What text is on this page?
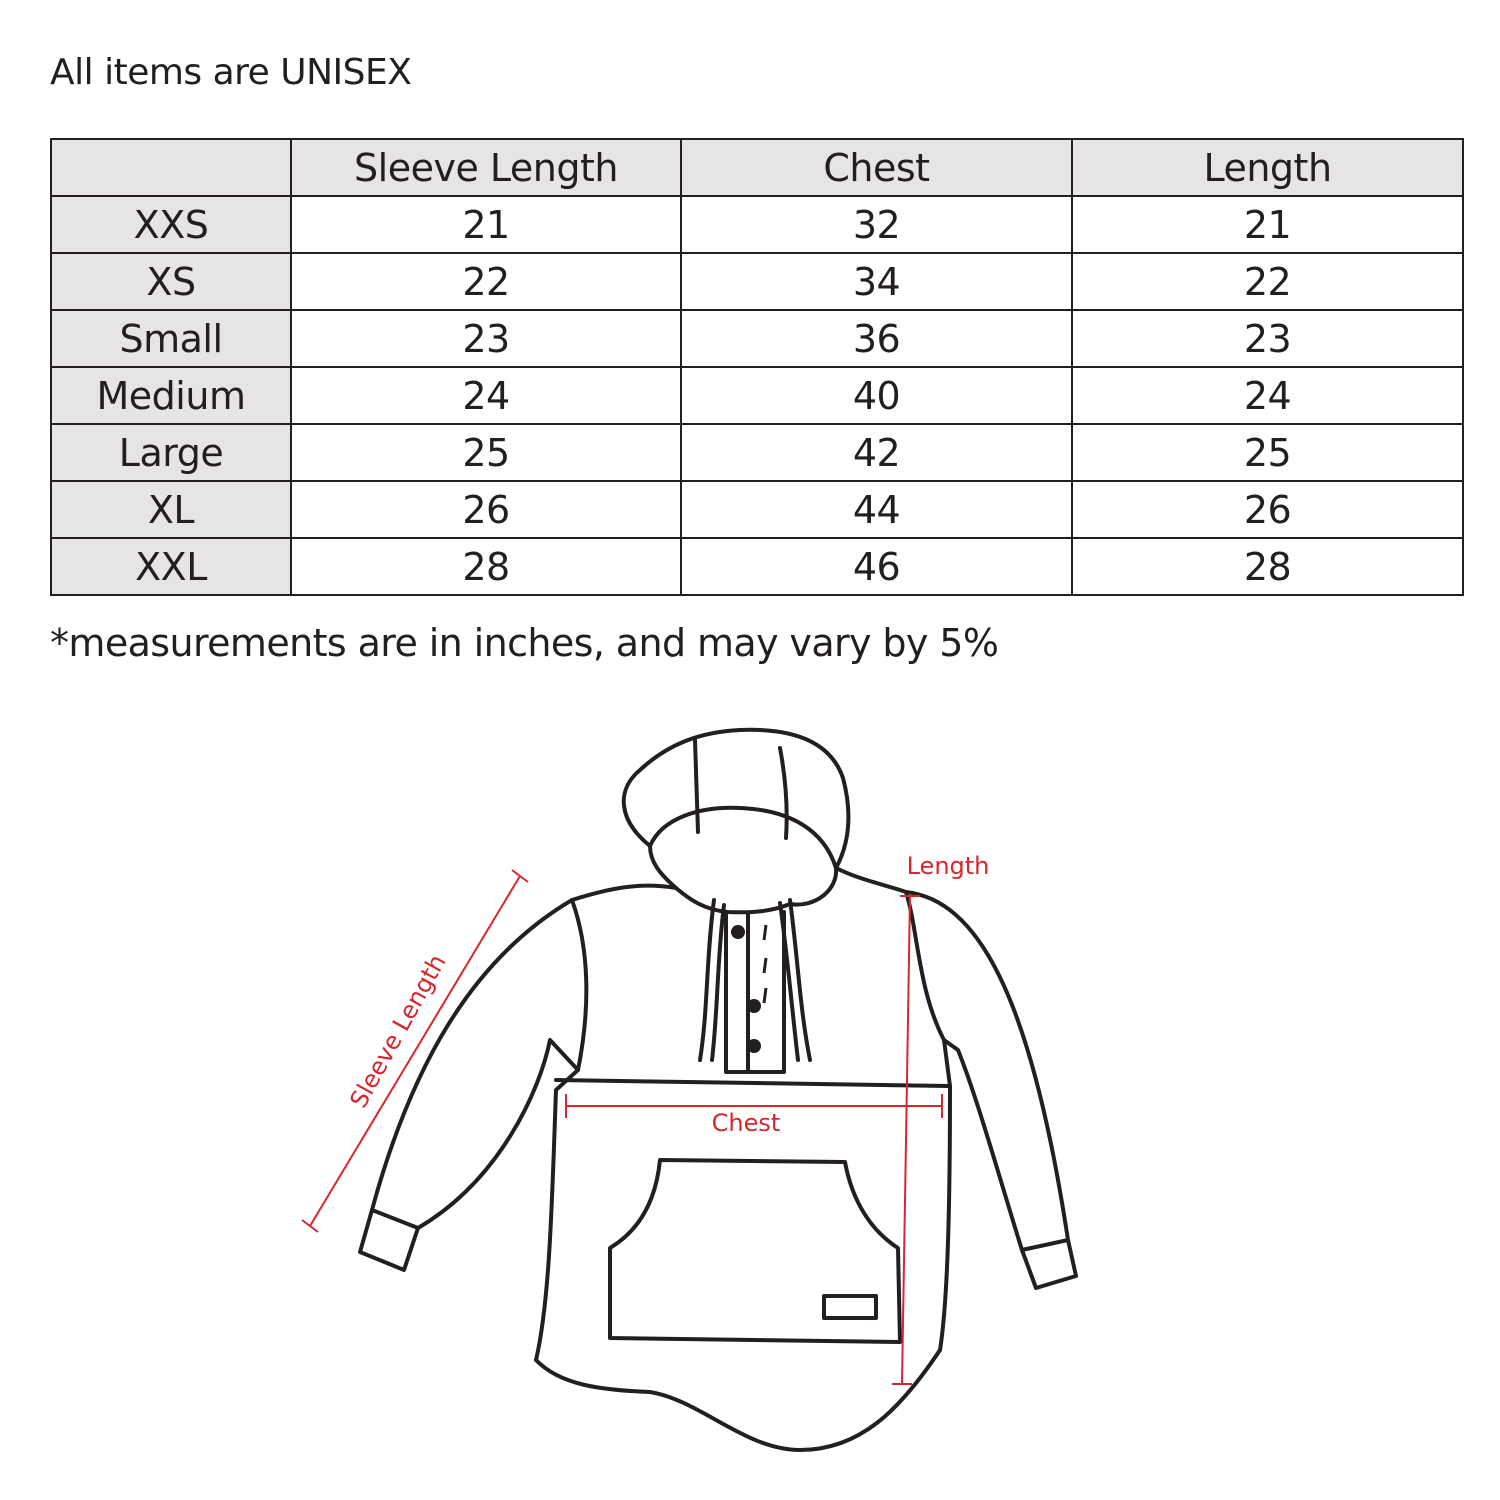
All items are UNISEX
	Sleeve Length	Chest	Length
XXS	21	32	21
XS	22	34	22
Small	23	36	23
Medium	24	40	24
Large	25	42	25
XL	26	44	26
XXL	28	46	28
*measurements are in inches, and may vary by 5%
Sleeve Length
Chest
Length
